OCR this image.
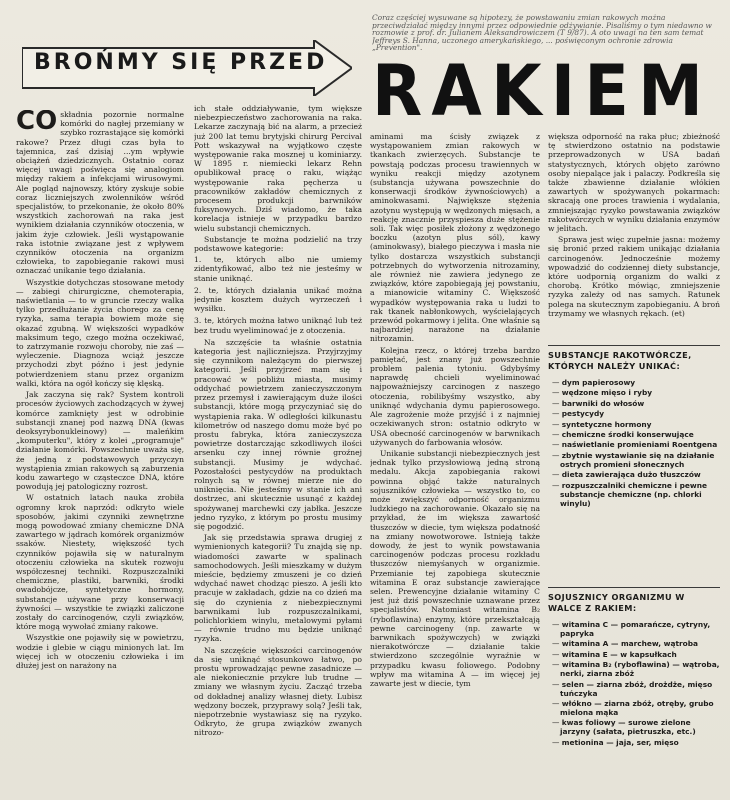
Coraz częściej wysuwane są hipotezy, że powstawaniu zmian rakowych można przeciwdziałać między innymi przez odpowiednie odżywianie. Pisaliśmy o tym niedawno w rozmowie z prof. dr. Julianem Aleksandrowiczem (T 9/87). A oto uwagi na ten sam temat Jeffreys S. Hanna, uczonego amerykańskiego, ... poświęconym ochronie zdrowia „Prevention".
BROŃMY SIĘ PRZED RAKIEM
CO składnia pozornie normalne komórki do nagłej przemiany w szybko rozrastające się komórki rakowe? Przez długi czas była to tajemnica, zaś dzisiaj ...ym wpływie obciążeń dziedzicznych. Ostatnio coraz więcej uwagi poświęca się analogiom między rakiem a infekcjami wirusowymi. Ale pogląd najnowszy, który zyskuje sobie coraz liczniejszych zwolenników wśród specjalistów, to przekonanie, że około 80% wszystkich zachorowań na raka jest wynikiem działania czynników otoczenia, w jakim żyje człowiek. Jeśli wystąpowanie raka istotnie związane jest z wpływem czynników otoczenia na organizm człowieka, to zapobieganie rakowi musi oznaczać unikanie tego działania.

Wszystkie dotychczas stosowane metody — zabiegi chirurgiczne, chemoterapia, naświetlania — to w gruncie rzeczy walka tylko przedłużanie życia chorego za cenę ryzyka, sama terapia bowiem może się okazać zgubną. W większości wypadków maksimum tego, czego można oczekiwać, to zatrzymanie rozwoju choroby, nie zaś — wyleczenie. Diagnoza wciąż jeszcze przychodzi zbyt późno i jest jedynie potwierdzeniem stanu przez organizm walki, która na ogół kończy się klęską.

Jak zaczyna się rak? System kontroli procesów życiowych zachodzących w żywej komórce zamknięty jest w odrobinie substancji znanej pod nazwą DNA (kwas deoksyrybonukleinowy) — maleńkim „komputerku", który z kolei „programuje" działanie komórki. Powszechnie uważa się, że jedną z podstawowych przyczyn wystąpienia zmian rakowych są zaburzenia kodu zawartego w cząsteczce DNA, które powodują jej patologiczny rozrost.

W ostatnich latach nauka zrobiła ogromny krok naprzód: odkryto wiele sposobów, jakimi czynniki zewnętrzne mogą powodować zmiany chemiczne DNA zawartego w jądrach komórek organizmów ssaków. Niestety, większość tych czynników pojawiła się w naturalnym otoczeniu człowieka na skutek rozwoju współczesnej techniki. Rozpuszczalniki chemiczne, plastiki, barwniki, środki owadobójcze, syntetyczne hormony, substancje używane przy konserwacji żywności — wszystkie te związki zaliczone zostały do carcinogenów, czyli związków, które mogą wywołać zmiany rakowe.

Wszystkie one pojawiły się w powietrzu, wodzie i glebie w ciągu minionych lat. Im więcej ich w otoczeniu człowieka i im dłużej jest on narażony na

ich stałe oddziaływanie, tym większe niebezpieczeństwo zachorowania na raka. Lekarze zaczynają bić na alarm, a przecież już 200 lat temu brytyjski chirurg Percival Pott wskazywał na wyjątkowo częste występowanie raka mosznej u kominiarzy. W 1895 r. niemiecki lekarz Rehn opublikował pracę o raku, wiążąc występowanie raka pęcherza u pracowników zakładów chemicznych z procesem produkcji barwników fuksynowych. Dziś wiadomo, że taka korelacja istnieje w przypadku bardzo wielu substancji chemicznych.

Substancje te można podzielić na trzy podstawowe kategorie:

1. te, których albo nie umiemy zidentyfikować, albo też nie jesteśmy w stanie uniknąć.
2. te, których działania unikać można jedynie kosztem dużych wyrzeczeń i wysiłku.
3. te, których można łatwo uniknąć lub też bez trudu wyeliminować je z otoczenia.

Na szczęście ta właśnie ostatnia kategoria jest najliczniejsza. Przyjrzyjmy się czynnikom należącym do pierwszej kategorii. Jeśli przyjrzeć mam się i pracować w pobliżu miasta, musimy oddychać powietrzem zanieczyszczonym przez przemysł i zawierającym duże ilości substancji, które mogą przyczyniać się do wystąpienia raka. W odległości kilkunastu kilometrów od naszego domu może być po prostu fabryka, która zanieczyszcza powietrze dostarczając szkodliwych ilości arsenku czy innej równie groźnej substancji. Musimy je wdychać. Pozostałości pestycydów na produktach rolnych są w równej mierze nie do uniknięcia. Nie jesteśmy w stanie ich ani dostrzec, ani skutecznie usunąć z każdej spożywanej marchewki czy jabłka. Jeszcze jedno ryzyko, z którym po prostu musimy się pogodzić.

Jak się przedstawia sprawa drugiej z wymienionych kategorii? Tu znajdą się np. wiadomości zawarte w spalinach samochodowych. Jeśli mieszkamy w dużym mieście, będziemy zmuszeni je co dzień wdychać nawet chodząc pieszo. A jeśli kto pracuje w zakładach, gdzie na co dzień ma się do czynienia z niebezpiecznymi barwnikami lub rozpuszczalnikami, polichlorkiem winylu, metalowymi pyłami — równie trudno mu będzie uniknąć ryzyka.

Na szczęście większości carcinogenów da się uniknąć stosunkowo łatwo, po prostu wprowadzając pewne zasadnicze — ale niekoniecznie przykre lub trudne — zmiany we własnym życiu. Zacząć trzeba od dokładnej analizy własnej diety. Lubisz wędzony boczek, przyprawy solą? Jeśli tak, niepotrzebnie wystawiasz się na ryzyko. Odkryto, że grupa związków zwanych nitrozo-

aminami ma ścisły związek z wystąpowaniem zmian rakowych w tkankach zwierzęcych. Substancje te powstają podczas procesu trawiennych w wyniku reakcji między azotynem (substancja używana powszechnie do konserwacji środków żywnościowych) a aminokwasami. Największe stężenia azotynu występują w wędzonych mięsach, a reakcję znacznie przyspiesza duże stężenie soli. Tak więc posiłek złożony z wędzonego boczku (azotyn plus sól), kawy (aminokwasy), białego pieczywa i masła nie tylko dostarcza wszystkich substancji potrzebnych do wytworzenia nitrozaminy, ale również nie zawiera jedynego ze związków, które zapobiegają jej powstaniu, a mianowicie witaminy C. Większość wypadków występowania raka u ludzi to rak tkanek nabłonkowych, wyścielających przewód pokarmowy i jelita. One właśnie są najbardziej narażone na działanie nitrozamin.

Kolejna rzecz, o której trzeba bardzo pamiętać, jest znany już powszechnie problem palenia tytoniu. Gdybyśmy naprawdę chcieli wyeliminować najpoważniejszy carcinogen z naszego otoczenia, robilibyśmy wszystko, aby uniknąć wdychania dymu papierosowego. Ale zagrożenie może przyjść i z najmniej oczekiwanych stron: ostatnio odkryto w USA obecność carcinogenów w barwnikach używanych do farbowania włosów.

Unikanie substancji niebezpiecznych jest jednak tylko przysłowiową jedną stroną medalu. Akcja zapobiegania rakowi powinna objąć także naturalnych sojuszników człowieka — wszystko to, co może zwiększyć odporność organizmu ludzkiego na zachorowanie. Okazało się na przykład, że im większa zawartość tłuszczów w diecie, tym większa podatność na zmiany nowotworowe. Istnieją także dowody, że jest to wynik powstawania carcinogenów podczas procesu rozkładu tłuszczów niemyśanych w organizmie. Przemianie tej zapobiega skutecznie witamina E oraz substancje zawierające selen. Prewencyjne działanie witaminy C jest już dziś powszechnie uznawane przez specjalistów. Natomiast witamina B₂ (ryboflawina) enzymy, które przekształcają pewne carcinogeny (np. zawarte w barwnikach spożywczych) w związki nierakotwórcze — działanie takie stwierdzono szczególnie wyraźnie w przypadku kwasu foliowego. Podobny wpływ ma witamina A — im więcej jej zawarte jest w diecie, tym

większa odporność na raka płuc; zbieżność tę stwierdzono ostatnio na podstawie przeprowadzonych w USA badań statystycznych, których objęto zarówno osoby niepalące jak i palaczy. Podkreśla się także zbawienne działanie włókien zawartych w spożywanych pokarmach: skracają one proces trawienia i wydalania, zmniejszając ryzyko powstawania związków rakotwórczych w wyniku działania enzymów w jelitach.

Sprawa jest więc zupełnie jasna: możemy się bronić przed rakiem unikając działania carcinogenów. Jednocześnie możemy wpowadzić do codziennej diety substancje, które uodpornią organizm do walki z chorobą. Krótko mówiąc, zmniejszenie ryzyka zależy od nas samych. Ratunek polega na skutecznym zapobieganiu. A broń trzymamy we własnych rękach. (et)

SUBSTANCJE RAKOTWÓRCZE, KTÓRYCH NALEŻY UNIKAĆ:
— dym papierosowy
— wędzone mięso i ryby
— barwniki do włosów
— pestycydy
— syntetyczne hormony
— chemiczne środki konserwujące
— naświetlanie promieniami Roentgena
— zbytnie wystawianie się na działanie ostrych promieni słonecznych
— dieta zawierająca dużo tłuszczów
— rozpuszczalniki chemiczne i pewne substancje chemiczne (np. chlorki winylu)
SOJUSZNICY ORGANIZMU W WALCE Z RAKIEM:
— witamina C — pomarańcze, cytryny, papryka
— witamina A — marchew, wątroba
— witamina E — w kapsułkach
— witamina B₂ (ryboflawina) — wątroba, nerki, ziarna zbóż
— selen — ziarna zbóż, drożdże, mięso tuńczyka
— włókno — ziarna zbóż, otręby, grubo mielona mąka
— kwas foliowy — surowe zielone jarzyny (sałata, pietruszka, etc.)
— metionina — jaja, ser, mięso
